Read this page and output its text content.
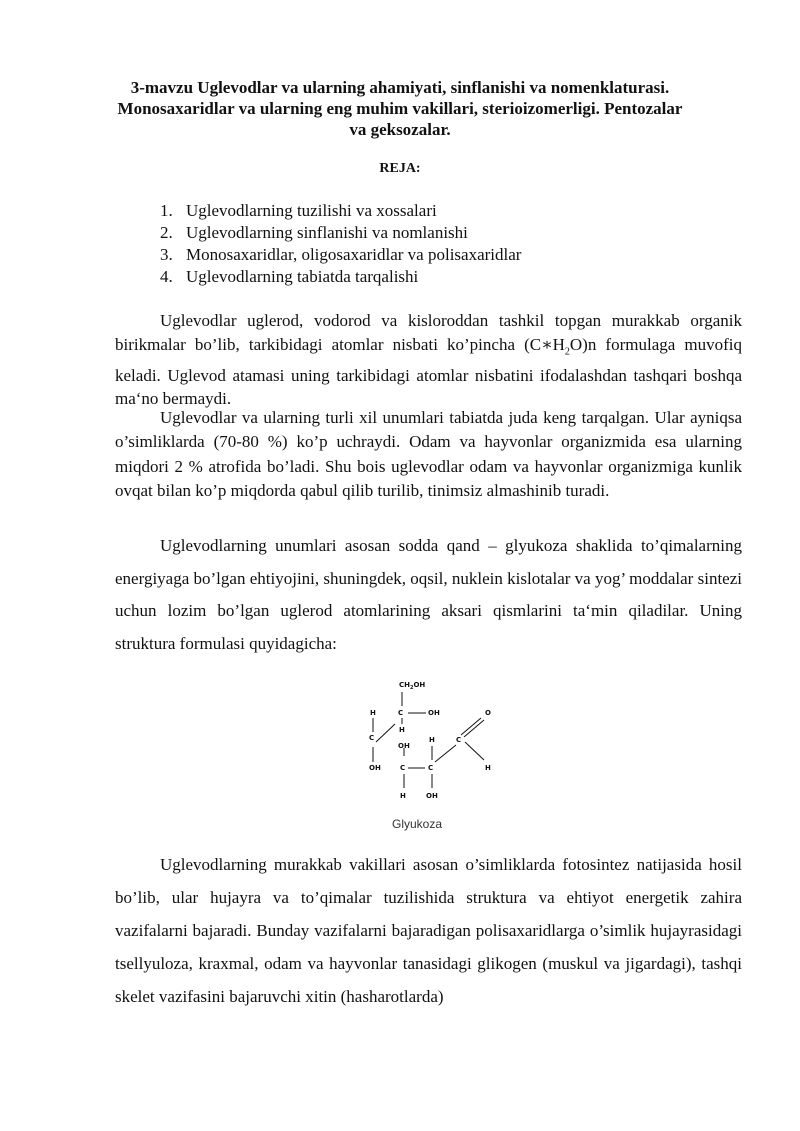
3-mavzu Uglevodlar va ularning ahamiyati, sinflanishi va nomenklaturasi. Monosaxaridlar va ularning eng muhim vakillari, sterioizomerligi. Pentozalar va geksozalar.

REJA:

1. Uglevodlarning tuzilishi va xossalari
2. Uglevodlarning sinflanishi va nomlanishi
3. Monosaxaridlar, oligosaxaridlar va polisaxaridlar
4. Uglevodlarning tabiatda tarqalishi

Uglevodlar uglerod, vodorod va kisloroddan tashkil topgan murakkab organik birikmalar bo’lib, tarkibidagi atomlar nisbati ko’pincha $(C∗H_2O)n$ formulaga muvofiq keladi. Uglevod atamasi uning tarkibidagi atomlar nisbatini ifodalashdan tashqari boshqa ma‘no bermaydi.

Uglevodlar va ularning turli xil unumlari tabiatda juda keng tarqalgan. Ular ayniqsa o’simliklarda (70-80 %) ko’p uchraydi. Odam va hayvonlar organizmida esa ularning miqdori 2 % atrofida bo’ladi. Shu bois uglevodlar odam va hayvonlar organizmiga kunlik ovqat bilan ko’p miqdorda qabul qilib turilib, tinimsiz almashinib turadi.

Uglevodlarning unumlari asosan sodda qand – glyukoza shaklida to’qimalarning energiyaga bo’lgan ehtiyojini, shuningdek, oqsil, nuklein kislotalar va yog’ moddalar sintezi uchun lozim bo’lgan uglerod atomlarining aksari qismlarini ta‘min qiladilar. Uning struktura formulasi quyidagicha:

$CH_2OH$
H	C	OH	O
H
C	H	C
OH
OH	C	C	H
H	OH

Glyukoza

Uglevodlarning murakkab vakillari asosan o’simliklarda fotosintez natijasida hosil bo’lib, ular hujayra va to’qimalar tuzilishida struktura va ehtiyot energetik zahira vazifalarni bajaradi. Bunday vazifalarni bajaradigan polisaxaridlarga o’simlik hujayrasidagi tsellyuloza, kraxmal, odam va hayvonlar tanasidagi glikogen (muskul va jigardagi), tashqi skelet vazifasini bajaruvchi xitin (hasharotlarda)
